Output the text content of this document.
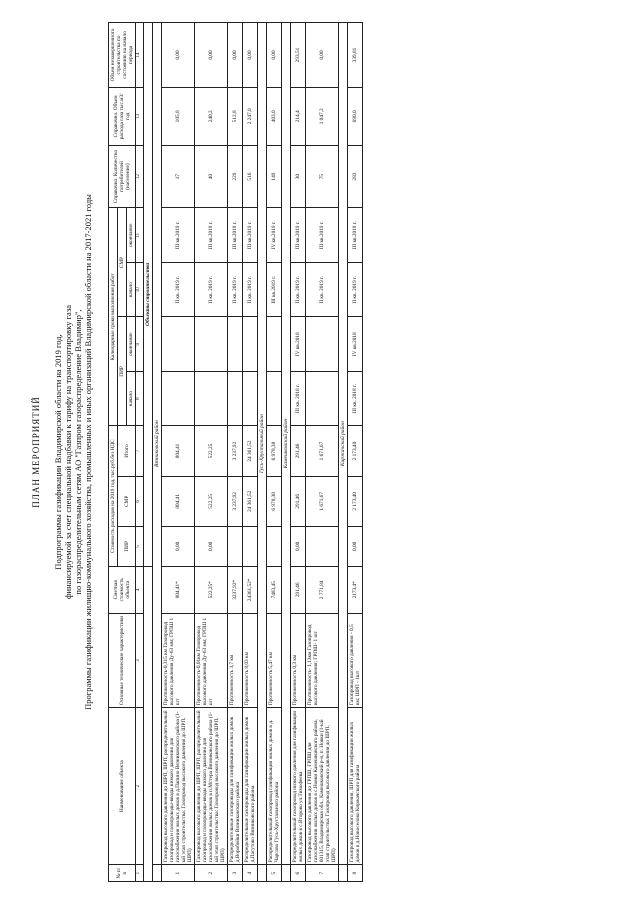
ПЛАН МЕРОПРИЯТИЙ Подпрограммы газификации Владимирской области на 2019 год, финансируемой за счет специальной надбавки к тарифу на транспортировку газа по газораспределительным сетям АО "Газпром газораспределение Владимир", Программы газификации жилищно-коммунального хозяйства, промышленных и иных организаций Владимирской области на 2017-2021 годы
№ п/п	Наименование объекта	Основные технические характеристики	Сметная стоимость объекта	Стоимость расходов на 2019 год, тыс.руб.без НДС			Календарные сроки выполнения работ				Справочно. Количество потребителей (население)	Справочно. Объем расхода газа тыс.м3/год	Объем незавершенного строительства по состоянию на начало периода
				ПИР	СМР	Итого	ПИР		СМР				
							начало	окончание	начало	окончание			
1	2	3	4	5	6	7	8	9	10	11	12	13	14
				Объекты строительства									
	Вязниковский район												
1	Газопровод высокого давления до ШРП, ШРП, распределительный газопровод и газопроводы-вводы низкого давления для газоснабжения жилых домов в д.Папино Вязниковского района (1-ый этап строительства: Газопровод высокого давления до ШРП, ШРП)	Протяженность-0,315 км Газопровод высокого давления Ду-63 мм; ГРПШ 1 шт	804,41*	0,00	804,41	804,41			II кв. 2019 г.	III кв.2019 г.	17	105,8	0,00
2	Газопровод высокого давления до ШРП, ШРП, распределительный газопровод и газопроводы-вводы низкого давления для газоснабжения жилых домов в п.Мстера Вязниковского района (1-ый этап строительства: Газопровод высокого давления до ШРП, ШРП)	Протяженность-0,01км Газопровод высокого давления Ду-63 мм; ГРПШ 1 шт	522,25*	0,00	522,25	522,25			II кв. 2019 г.	III кв.2019 г.	40	240,2	0,00
3	Распределительные газопроводы для газификации жилых домов д.Воробейки Вязниковского района	Протяженность 3,7 км	3237,92*		3 237,92	3 237,92			II кв. 2019 г.	III кв.2019 г.	229	512,8	0,00
4	Распределительные газопроводы для газификации жилых домов д.Пасутово Вязниковского района	Протяженность 8,03 км	24361,52*		24 361,52	24 361,52			II кв. 2019 г.	III кв.2019 г.	516	2 247,0	0,00
	Гусь-Хрустальный район												
5	Распределительный газопровод газификации жилых домов в д. Чарсово Гусь-Хрустального района	Протяженность 5,47 км	7483,45		6 978,38	6 978,38			III кв.2019 г.	IV кв.2019 г.	149	403,0	0,00
	Камешковский район												
6	Распределительный газопровод низкого давления для газификации жилых домов в с.Второво ул.Тимофеева	Протяженность 0,3 км	291,46	0,00	291,46	291,46	III кв. 2018 г.	IV кв.2018	II кв. 2019 г.	III кв.2019 г.	30	214,4	293,51
7	Газопровод высокого давления до ГРПШ, ГРПШ для газоснабжения жилых домов в с.Новки Камешковского района, 601315, Владимирская обл., Камешковский р-н, п. Новки (1-ый этап строительства: Газопровод высокого давления до ШРП, ШРП)	Протяженность- 1,13км Газопровод высокого давления; ГРПШ- 1 шт	2 771,84		1 671,67	1 671,67			II кв. 2019 г.	III кв.2019 г.	75	1 047,2	0,00
	Киржачский район												
8	Газопровод высокого давления, ШРП для газификации жилых домов в д.Новоселово Киржачского района	Газопровод высокого давления - 0,5 км; ШРП - 1шт	2173,4*	0,00	2 173,40	2 173,40	III кв. 2018 г.	IV кв.2018	II кв. 2019 г.	III кв.2019 г.	283	690,0	339,81
